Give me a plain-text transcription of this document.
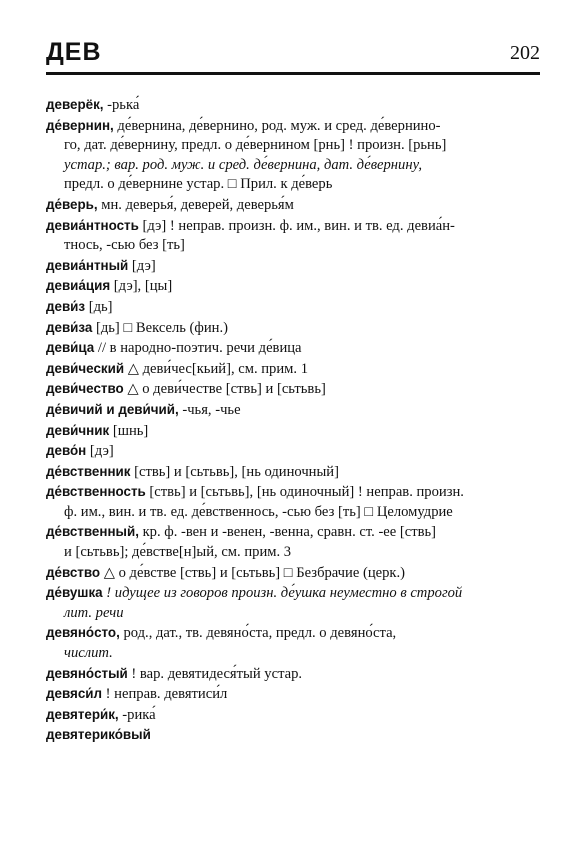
ДЕВ	202
деверёк, -рька́
де́вернин, де́вернина, де́вернино, род. муж. и сред. де́вернино-
го, дат. де́вернину, предл. о де́вернином [рнь] ! произн. [рьнь]
устар.; вар. род. муж. и сред. де́вернина, дат. де́вернину,
предл. о де́вернине устар. □ Прил. к де́верь
де́верь, мн. деверья́, деверей, деверья́м
девиа́нтность [дэ] ! неправ. произн. ф. им., вин. и тв. ед. девиа́н-
тнось, -сью без [ть]
девиа́нтный [дэ]
девиа́ция [дэ], [цы]
деви́з [дь]
деви́за [дь] □ Вексель (фин.)
деви́ца // в народно-поэтич. речи де́вица
деви́ческий △ деви́чес[кьий], см. прим. 1
деви́чество △ о деви́честве [ствь] и [сьтьвь]
де́вичий и деви́чий, -чья, -чье
деви́чник [шнь]
дево́н [дэ]
де́вственник [ствь] и [сьтьвь], [нь одиночный]
де́вственность [ствь] и [сьтьвь], [нь одиночный] ! неправ. произн.
ф. им., вин. и тв. ед. де́вственнось, -сью без [ть] □ Целомудрие
де́вственный, кр. ф. -вен и -венен, -венна, сравн. ст. -ее [ствь]
и [сьтьвь]; де́встве[н]ый, см. прим. 3
де́вство △ о де́встве [ствь] и [сьтьвь] □ Безбрачие (церк.)
де́вушка ! идущее из говоров произн. де́ушка неуместно в строгой
лит. речи
девяно́сто, род., дат., тв. девяно́ста, предл. о девяно́ста,
числит.
девяно́стый ! вар. девятидеся́тый устар.
девяси́л ! неправ. девятиси́л
девятери́к, -рика́
девятерико́вый
